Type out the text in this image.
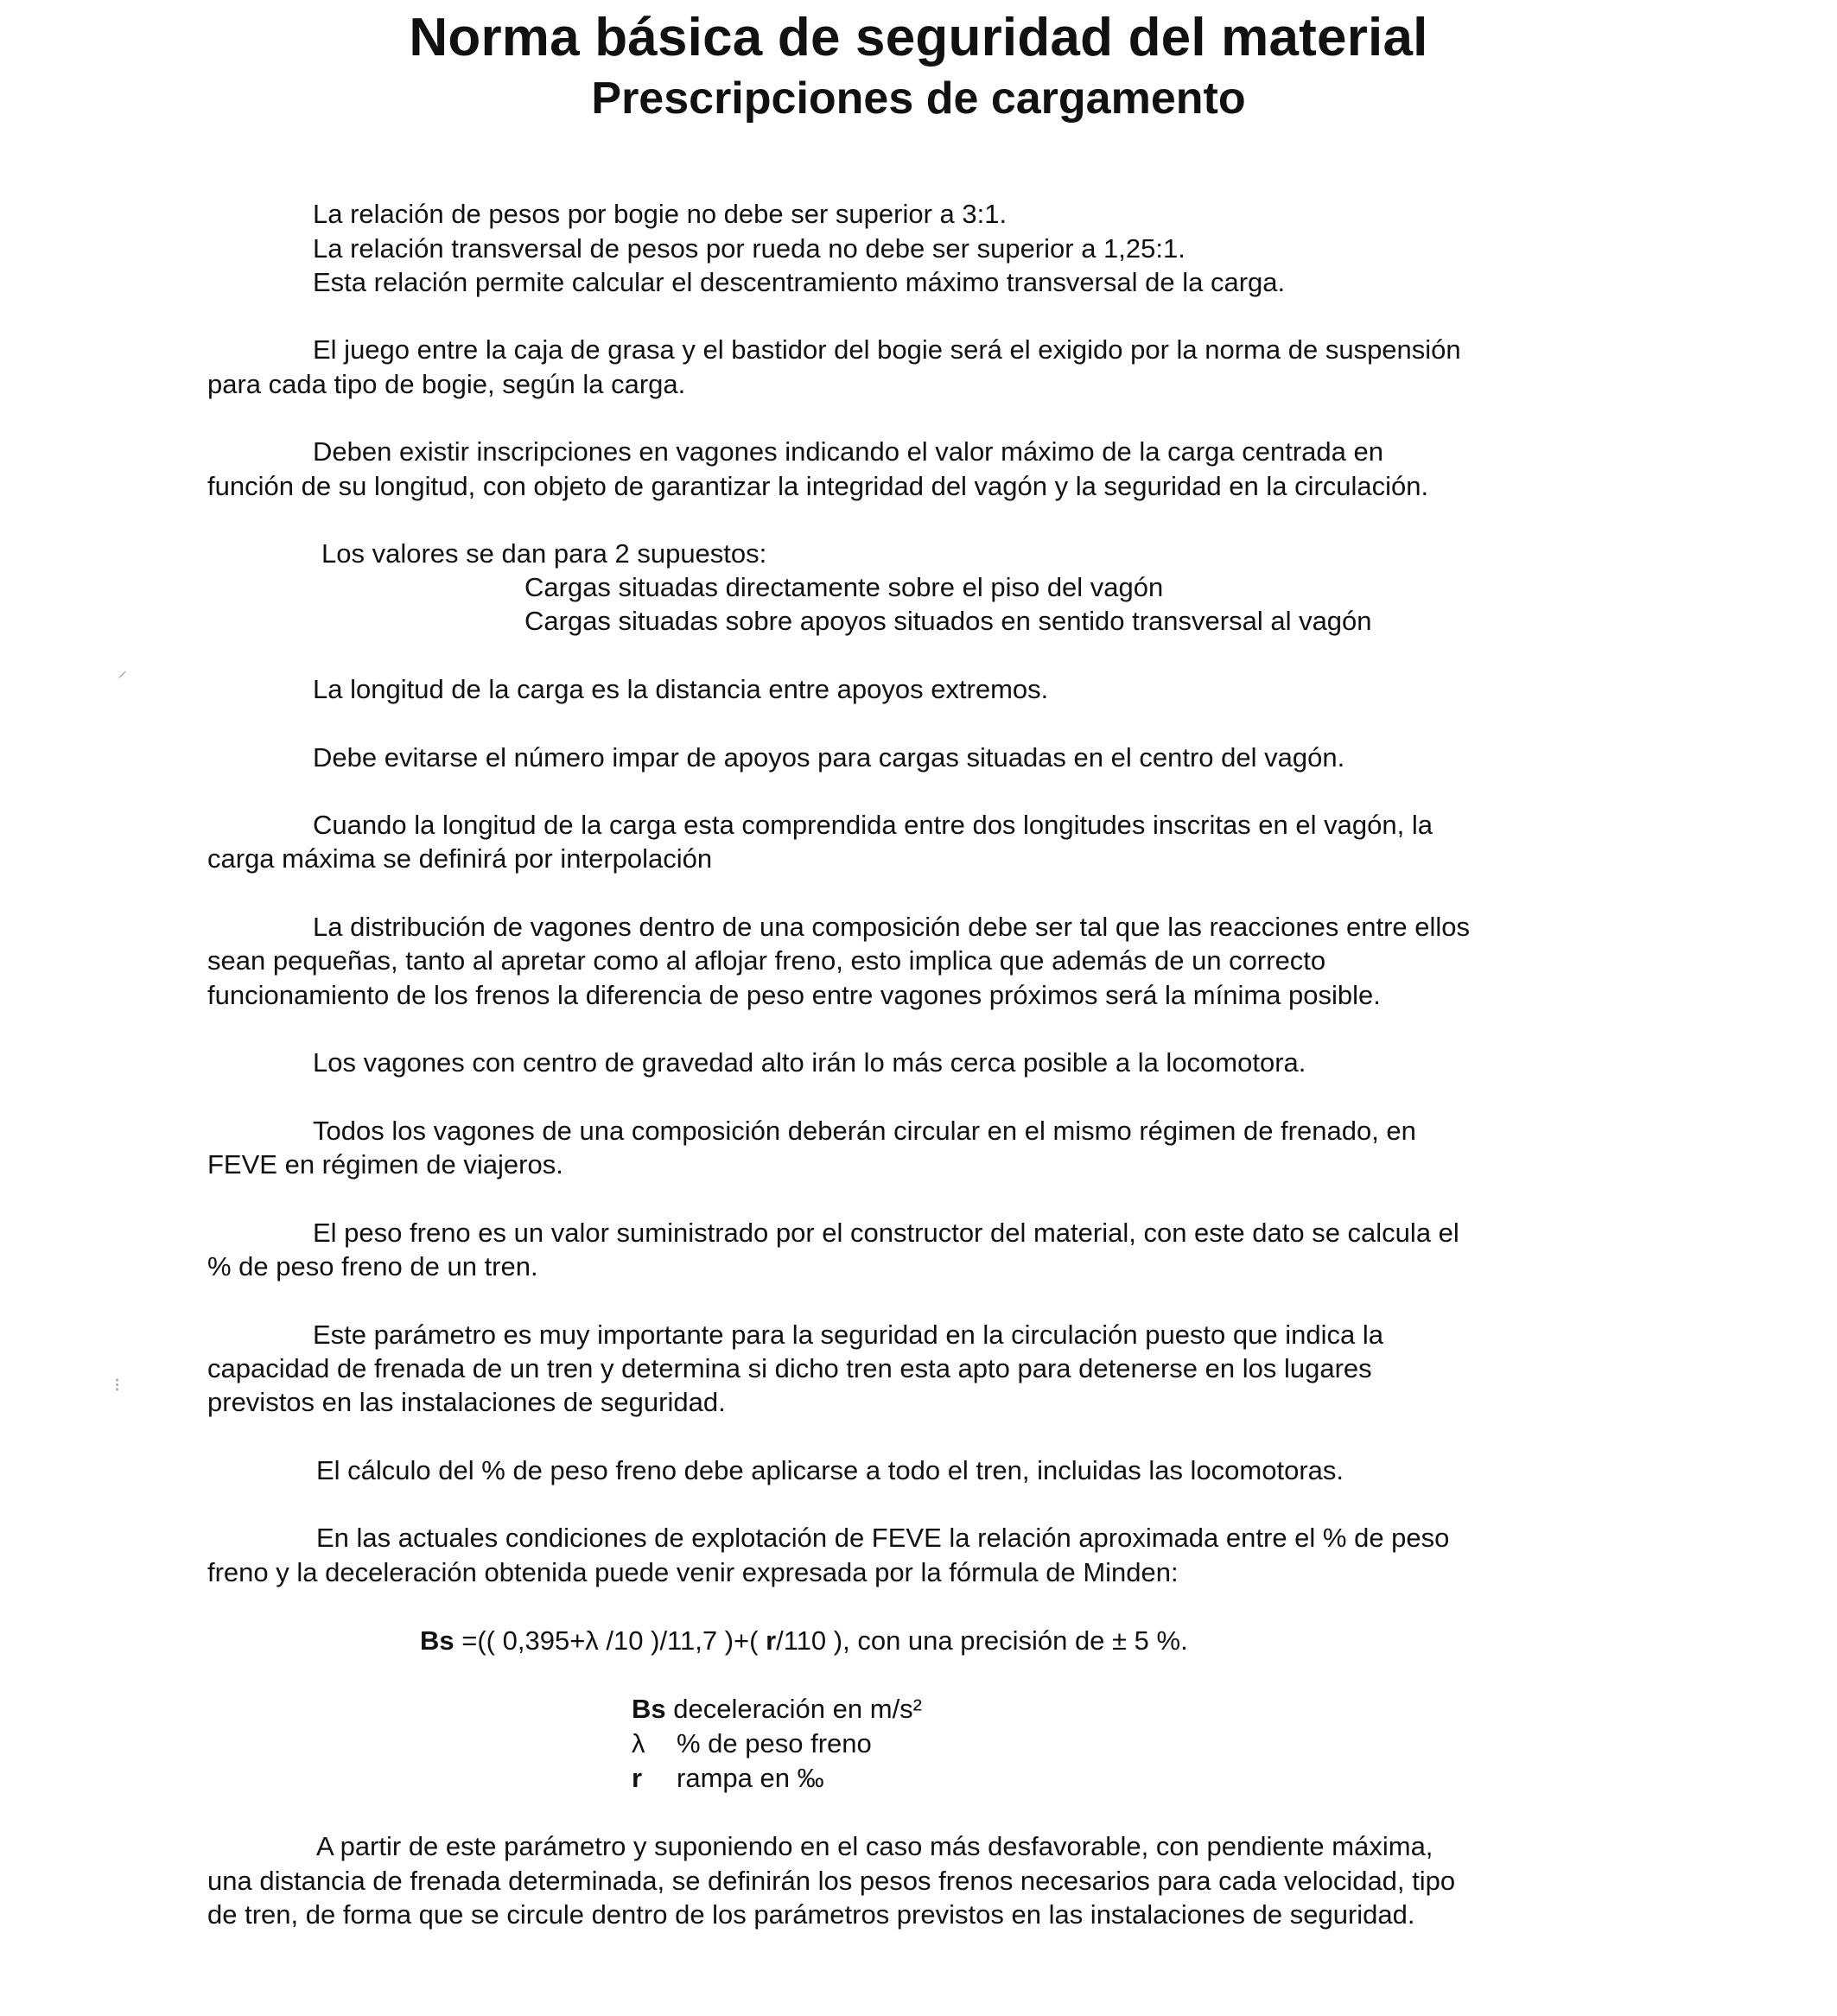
Norma básica de seguridad del material
Prescripciones de cargamento

La relación de pesos por bogie no debe ser superior a 3:1.

La relación transversal de pesos por rueda no debe ser superior a 1,25:1.

Esta relación permite calcular el descentramiento máximo transversal de la carga.

El juego entre la caja de grasa y el bastidor del bogie será el exigido por la norma de suspensión

para cada tipo de bogie, según la carga.

Deben existir inscripciones en vagones indicando el valor máximo de la carga centrada en

función de su longitud, con objeto de garantizar la integridad del vagón y la seguridad en la circulación.

Los valores se dan para 2 supuestos:

Cargas situadas directamente sobre el piso del vagón

Cargas situadas sobre apoyos situados en sentido transversal al vagón

La longitud de la carga es la distancia entre apoyos extremos.

Debe evitarse el número impar de apoyos para cargas situadas en el centro del vagón.

Cuando la longitud de la carga esta comprendida entre dos longitudes inscritas en el vagón, la

carga máxima se definirá por interpolación

La distribución de vagones dentro de una composición debe ser tal que las reacciones entre ellos

sean pequeñas, tanto al apretar como al aflojar freno, esto implica que además de un correcto

funcionamiento de los frenos la diferencia de peso entre vagones próximos será la mínima posible.

Los vagones con centro de gravedad alto irán lo más cerca posible a la locomotora.

Todos los vagones de una composición deberán circular en el mismo régimen de frenado, en

FEVE en régimen de viajeros.

El peso freno es un valor suministrado por el constructor del material, con este dato se calcula el

% de peso freno de un tren.

Este parámetro es muy importante para la seguridad en la circulación puesto que indica la

capacidad de frenada de un tren y determina si dicho tren esta apto para detenerse en los lugares

previstos en las instalaciones de seguridad.

El cálculo del % de peso freno debe aplicarse a todo el tren, incluidas las locomotoras.

En las actuales condiciones de explotación de FEVE la relación aproximada entre el % de peso

freno y la deceleración obtenida puede venir expresada por la fórmula de Minden:

Bs =(( 0,395+λ /10 )/11,7 )+( r/110 ), con una precisión de ± 5 %.

Bs deceleración en m/s²

λ % de peso freno

r rampa en ‰

A partir de este parámetro y suponiendo en el caso más desfavorable, con pendiente máxima,

una distancia de frenada determinada, se definirán los pesos frenos necesarios para cada velocidad, tipo

de tren, de forma que se circule dentro de los parámetros previstos en las instalaciones de seguridad.

⸝
⁝
